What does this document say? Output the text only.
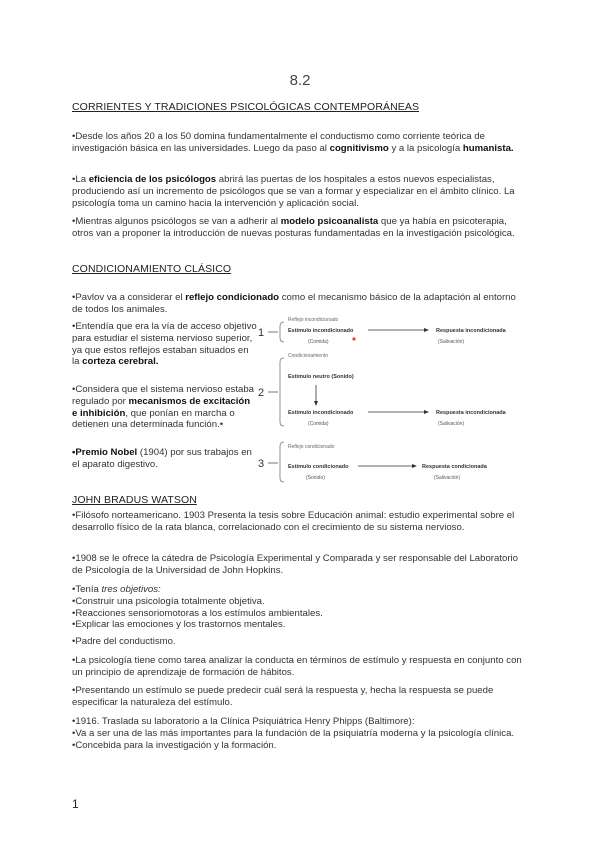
8.2
CORRIENTES Y TRADICIONES PSICOLÓGICAS CONTEMPORÁNEAS
•Desde los años 20 a los 50 domina fundamentalmente el conductismo como corriente teórica de investigación básica en las universidades. Luego da paso al cognitivismo y a la psicología humanista.
•La eficiencia de los psicólogos abrirá las puertas de los hospitales a estos nuevos especialistas, produciendo así un incremento de psicólogos que se van a formar y especializar en el ámbito clínico. La psicología toma un camino hacia la intervención y aplicación social.
•Mientras algunos psicólogos se van a adherir al modelo psicoanalista que ya había en psicoterapia, otros van a proponer la introducción de nuevas posturas fundamentadas en la investigación psicológica.
CONDICIONAMIENTO CLÁSICO
•Pavlov va a considerar el reflejo condicionado como el mecanismo básico de la adaptación al entorno de todos los animales.
•Entendía que era la vía de acceso objetivo para estudiar el sistema nervioso superior, ya que estos reflejos estaban situados en la corteza cerebral.
•Considera que el sistema nervioso estaba regulado por mecanismos de excitación e inhibición, que ponían en marcha o detienen una determinada función.•
•Premio Nobel (1904) por sus trabajos en el aparato digestivo.
1
Reflejo incondicionado
Estímulo incondicionado
(Comida)
Respuesta incondicionada
(Salivación)
2
Condicionamiento
Estímulo neutro (Sonido)
Estímulo incondicionado
(Comida)
Respuesta incondicionada
(Salivación)
3
Reflejo condicionado
Estímulo condicionado
(Sonido)
Respuesta condicionada
(Salivación)
JOHN BRADUS WATSON
•Filósofo norteamericano. 1903 Presenta la tesis sobre Educación animal: estudio experimental sobre el desarrollo físico de la rata blanca, correlacionado con el crecimiento de su sistema nervioso.
•1908 se le ofrece la cátedra de Psicología Experimental y Comparada y ser responsable del Laboratorio de Psicología de la Universidad de John Hopkins.
•Tenía tres objetivos:
•Construir una psicología totalmente objetiva.
•Reacciones sensoriomotoras a los estímulos ambientales.
•Explicar las emociones y los trastornos mentales.
•Padre del conductismo.
•La psicología tiene como tarea analizar la conducta en términos de estímulo y respuesta en conjunto con un principio de aprendizaje de formación de hábitos.
•Presentando un estímulo se puede predecir cuál será la respuesta y, hecha la respuesta se puede especificar la naturaleza del estímulo.
•1916. Traslada su laboratorio a la Clínica Psiquiátrica Henry Phipps (Baltimore):
•Va a ser una de las más importantes para la fundación de la psiquiatría moderna y la psicología clínica.
•Concebida para la investigación y la formación.
1
